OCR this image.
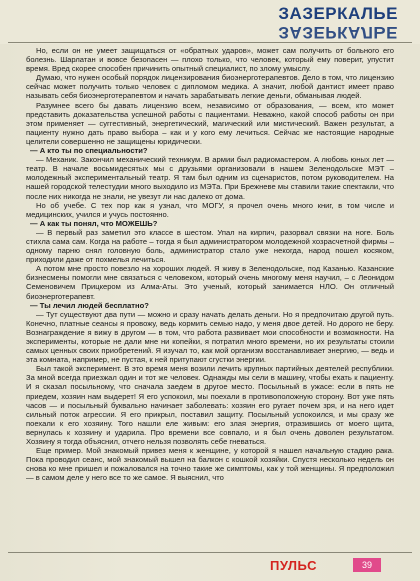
ЗАЗЕРКАЛЬЕ
ЗАЗЕРКАЛЬЕ

Но, если он не умеет защищаться от «обратных ударов», может сам получить от больного его болезнь. Шарлатан и вовсе безопасен — плохо только, что человек, который ему поверит, упустит время. Вред скорее способен причинить опытный специалист, по злому умыслу.

Думаю, что нужен особый порядок лицензирования биоэнерготерапевтов. Дело в том, что лицензию сейчас может получить только человек с дипломом медика. А значит, любой дантист имеет право называть себя биоэнерготерапевтом и начать зарабатывать легкие деньги, обманывая людей.

Разумнее всего бы давать лицензию всем, независимо от образования, — всем, кто может представить доказательства успешной работы с пациентами. Неважно, какой способ работы он при этом применяет — суггестивный, энергетический, магический или мистический. Важен результат, а пациенту нужно дать право выбора – как и у кого ему лечиться. Сейчас же настоящие народные целители совершенно не защищены юридически.

— А кто ты по специальности?

— Механик. Закончил механический техникум. В армии был радиомастером. А любовь юных лет — театр. В начале восьмидесятых мы с друзьями организовали в нашем Зеленодольске МЭТ – молодежный экспериментальный театр. Я там был одним из сценаристов, потом руководителем. На нашей городской телестудии много выходило из МЭТа. При Брежневе мы ставили такие спектакли, что после них никогда не знали, не увезут ли нас далеко от дома.

Но об учебе. С тех пор как я узнал, что МОГУ, я прочел очень много книг, в том числе и медицинских, учился и учусь постоянно.

— А как ты понял, что МОЖЕШЬ?

— В первый раз заметил это классе в шестом. Упал на кирпич, разорвал связки на ноге. Боль стихла сама сам. Когда на работе – тогда я был администратором молодежной хозрасчетной фирмы – одному парню снял головную боль, администратор стало уже некогда, народ пошел косяком, приходили даже от похмелья лечиться.

А потом мне просто повезло на хороших людей. Я живу в Зеленодольске, под Казанью. Казанские бизнесмены помогли мне связаться с человеком, который очень многому меня научил, – с Леонидом Семеновичем Прицкером из Алма-Аты. Это ученый, который занимается НЛО. Он отличный биоэнерготерапевт.

— Ты лечил людей бесплатно?

— Тут существуют два пути — можно и сразу начать делать деньги. Но я предпочитаю другой путь. Конечно, платные сеансы я провожу, ведь кормить семью надо, у меня двое детей. Но дорого не беру. Вознаграждение я вижу в другом — в том, что работа развивает мои способности и возможности. На эксперименты, которые не дали мне ни копейки, я потратил много времени, но их результаты стоили самых ценных своих приобретений. Я изучал то, как мой организм восстанавливает энергию, — ведь и эта комната, например, не пустая, к ней притупают сгустки энергии.

Был такой эксперимент. В это время меня возили лечить крупных партийных деятелей республики. За мной всегда приезжал один и тот же человек. Однажды мы сели в машину, чтобы ехать к пациенту. И я сказал посыльному, что сначала заедем в другое место. Посыльный в ужасе: если в пять не приедем, хозяин нам выдерет! Я его успокоил, мы поехали в противоположную сторону. Вот уже пять часов — и посыльный буквально начинает заболевать: хозяин его ругает почем зря, и на него идет сильный поток агрессии. Я его прикрыл, поставил защиту. Посыльный успокоился, и мы сразу же поехали к его хозяину. Того нашли еле живым: его злая энергия, отразившись от моего щита, вернулась к хозяину и ударила. Про времени все совпало, и я был очень доволен результатом. Хозяину я тогда объяснил, отчего нельзя позволять себе гневаться.

Еще пример. Мой знакомый привез меня к женщине, у которой я нашел начальную стадию рака. Пока проводил сеанс, мой знакомый вышел на балкон с кошкой хозяйки. Спустя несколько недель он снова ко мне пришел и пожаловался на точно такие же симптомы, как у той женщины. Я предположил — в самом деле у него все то же самое. Я выяснил, что

ПУЛЬС	39
